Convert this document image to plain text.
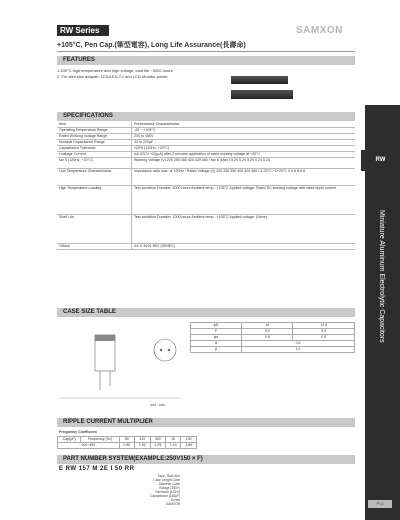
RW Series	SAMXON
+105°C, Pen Cap.(筆型電容), Long Life Assurance(長壽命)
FEATURES
1.105°C high temperature and high voltage, load life : 5000 hours.
2. For slim size adapter, LCD/LED-TV and LCD-Monitor power.
SPECIFICATIONS
Item	Performance Characteristics
Operating Temperature Range	-25 ~ +105°C
Rated Working Voltage Range	200 to 450V
Nominal Capacitance Range	33 to 220μF
Capacitance Tolerance	±20% (120Hz, +20°C)
Leakage Current	I≤0.02CV +20(μA) after 2 minutes application of rated working voltage at +20°C
tan δ (120Hz, +20°C)	Working Voltage (V) 200 250 350 400 420 450 / tan δ (Max.) 0.20 0.20 0.20 0.24 0.24
Low Temperature Characteristics	Impedance ratio max. at 120Hz / Rated Voltage (V) 200 250 350 400 420 450 / Z-25°C / Z+20°C 4 4 8 8 8 8
High Temperature Loading	Test condition Duration: 5000 hours Ambient temp.: +105°C Applied voltage: Rated DC working voltage with rated ripple current
Shelf Life	Test condition Duration: 1000 hours Ambient temp.: +105°C Applied voltage: (None)
Others	AS C-5101 BS2 (GB/IEC)
CASE SIZE TABLE
unit : mm
φD	16	12.5
F	5.0	5.0
φd	0.8	0.6
α	0.5	
β	1.0	
RIPPLE CURRENT MULTIPLIER
Frequency Coefficient
Cap(μF)	Frequency (Hz)	50	120	300	1K	10K
200~450		0.80	1.00	1.25	1.40	1.60
PART NUMBER SYSTEM(EXAMPLE:250V150 × F)
E RW 157 M 2E I 50 RR
Tape / Bulk Box
Case Length Code
Diameter Code
Voltage (250V)
Tolerance (±20%)
Capacitance (150μF)
Series
SAMXON
RW
Miniature Aluminum Electrolytic Capacitors
P13
